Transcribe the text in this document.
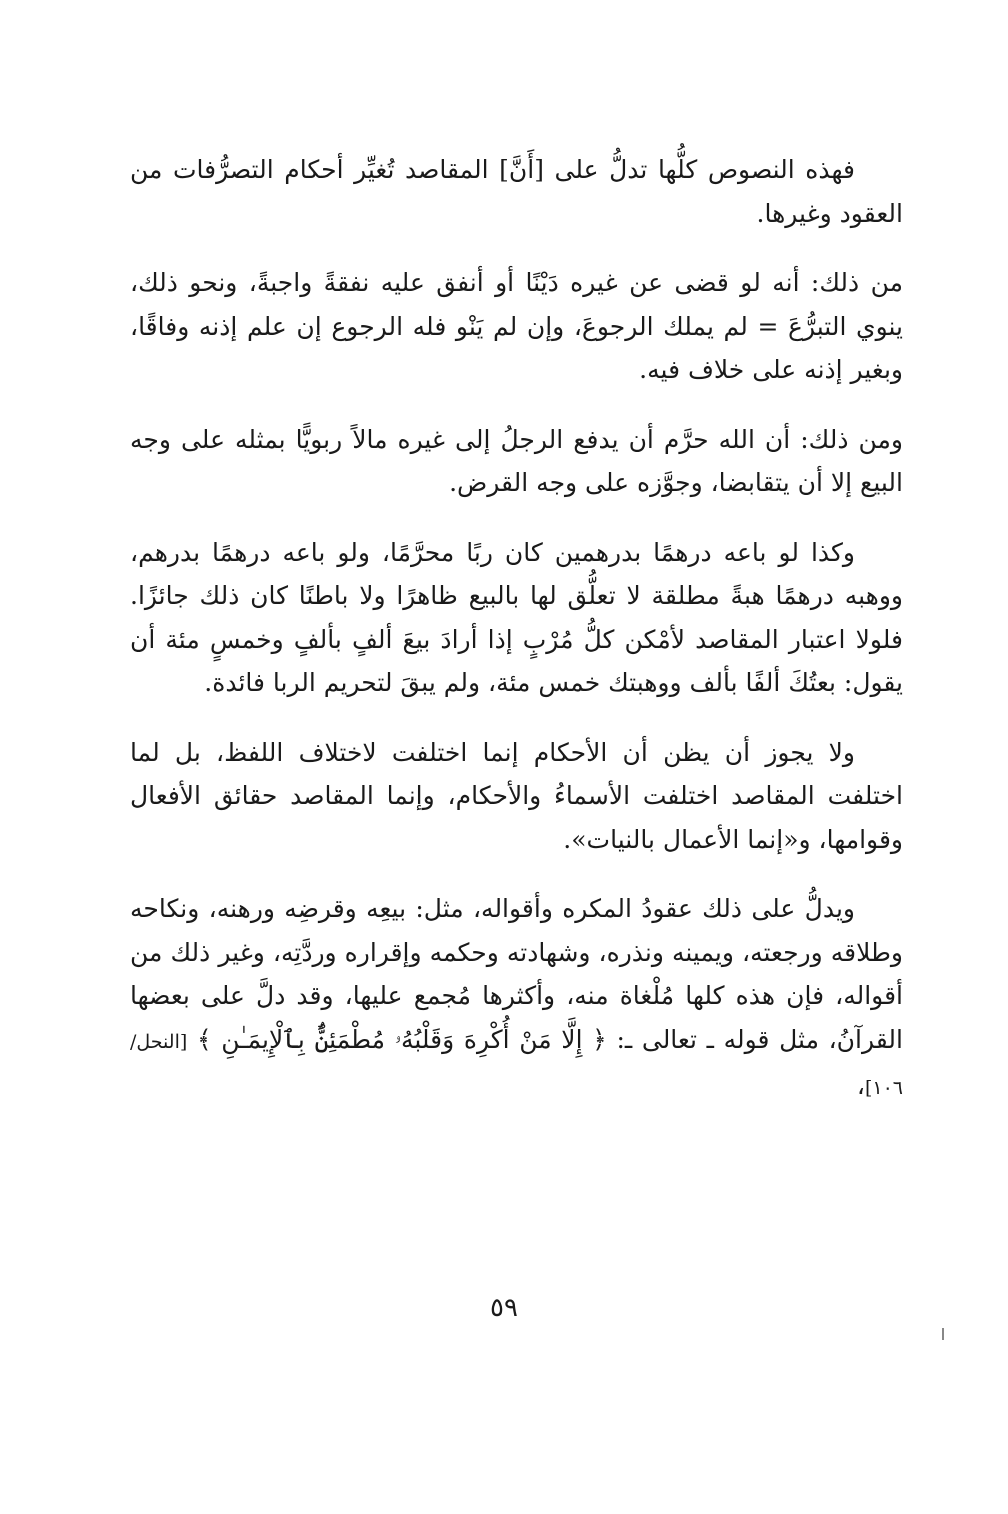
فهذه النصوص كلُّها تدلُّ على [أَنَّ] المقاصد تُغيِّر أحكام التصرُّفات من العقود وغيرها.

من ذلك: أنه لو قضى عن غيره دَيْنًا أو أنفق عليه نفقةً واجبةً، ونحو ذلك، ينوي التبرُّعَ = لم يملك الرجوعَ، وإن لم يَنْو فله الرجوع إن علم إذنه وفاقًا، وبغير إذنه على خلاف فيه.

ومن ذلك: أن الله حرَّم أن يدفع الرجلُ إلى غيره مالاً ربويًّا بمثله على وجه البيع إلا أن يتقابضا، وجوَّزه على وجه القرض.

وكذا لو باعه درهمًا بدرهمين كان ربًا محرَّمًا، ولو باعه درهمًا بدرهم، ووهبه درهمًا هبةً مطلقة لا تعلُّق لها بالبيع ظاهرًا ولا باطنًا كان ذلك جائزًا. فلولا اعتبار المقاصد لأمْكن كلُّ مُرْبٍ إذا أرادَ بيعَ ألفٍ بألفٍ وخمسٍ مئة أن يقول: بعتُكَ ألفًا بألف ووهبتك خمس مئة، ولم يبقَ لتحريم الربا فائدة.

ولا يجوز أن يظن أن الأحكام إنما اختلفت لاختلاف اللفظ، بل لما اختلفت المقاصد اختلفت الأسماءُ والأحكام، وإنما المقاصد حقائق الأفعال وقوامها، و«إنما الأعمال بالنيات».

ويدلُّ على ذلك عقودُ المكره وأقواله، مثل: بيعِه وقرضِه ورهنه، ونكاحه وطلاقه ورجعته، ويمينه ونذره، وشهادته وحكمه وإقراره وردَّتِه، وغير ذلك من أقواله، فإن هذه كلها مُلْغاة منه، وأكثرها مُجمع عليها، وقد دلَّ على بعضها القرآنُ، مثل قوله ـ تعالى ـ: ﴿ إِلَّا مَنْ أُكْرِهَ وَقَلْبُهُۥ مُطْمَئِنٌّۢ بِٱلْإِيمَـٰنِ ﴾ [النحل/ ١٠٦]،

٥٩
